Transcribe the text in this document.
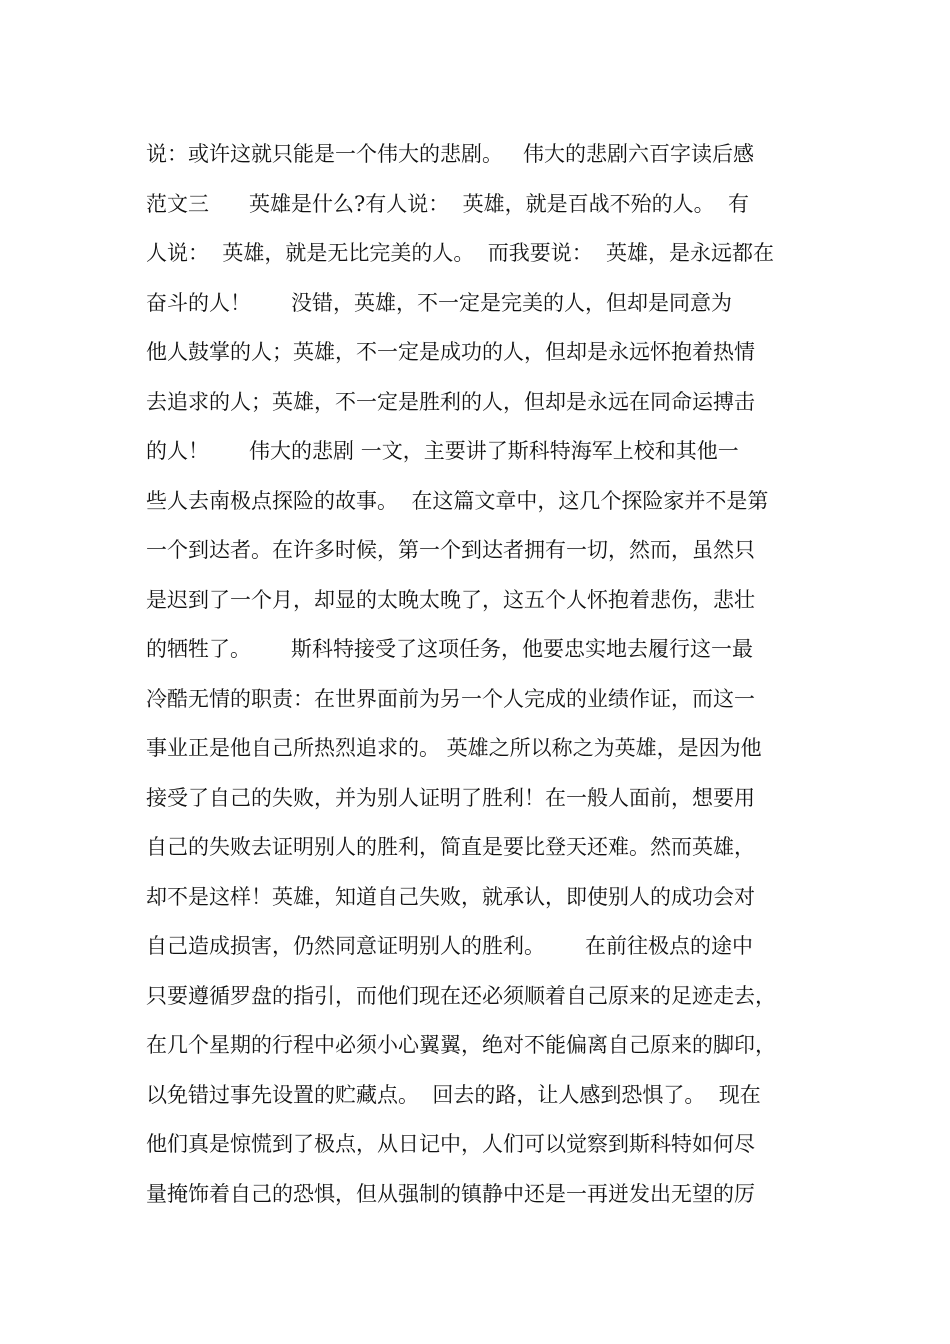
说：或许这就只能是一个伟大的悲剧。   伟大的悲剧六百字读后感
范文三      英雄是什么?有人说：  英雄，就是百战不殆的人。  有
人说：  英雄，就是无比完美的人。  而我要说：  英雄，是永远都在
奋斗的人！      没错，英雄，不一定是完美的人，但却是同意为
他人鼓掌的人；英雄，不一定是成功的人，但却是永远怀抱着热情
去追求的人；英雄，不一定是胜利的人，但却是永远在同命运搏击
的人！      伟大的悲剧 一文，主要讲了斯科特海军上校和其他一
些人去南极点探险的故事。  在这篇文章中，这几个探险家并不是第
一个到达者。在许多时候，第一个到达者拥有一切，然而，虽然只
是迟到了一个月，却显的太晚太晚了，这五个人怀抱着悲伤，悲壮
的牺牲了。      斯科特接受了这项任务，他要忠实地去履行这一最
冷酷无情的职责：在世界面前为另一个人完成的业绩作证，而这一
事业正是他自己所热烈追求的。 英雄之所以称之为英雄，是因为他
接受了自己的失败，并为别人证明了胜利！在一般人面前，想要用
自己的失败去证明别人的胜利，简直是要比登天还难。然而英雄，
却不是这样！英雄，知道自己失败，就承认，即使别人的成功会对
自己造成损害，仍然同意证明别人的胜利。      在前往极点的途中
只要遵循罗盘的指引，而他们现在还必须顺着自己原来的足迹走去，
在几个星期的行程中必须小心翼翼，绝对不能偏离自己原来的脚印，
以免错过事先设置的贮藏点。  回去的路，让人感到恐惧了。  现在
他们真是惊慌到了极点，从日记中，人们可以觉察到斯科特如何尽
量掩饰着自己的恐惧，但从强制的镇静中还是一再迸发出无望的厉
